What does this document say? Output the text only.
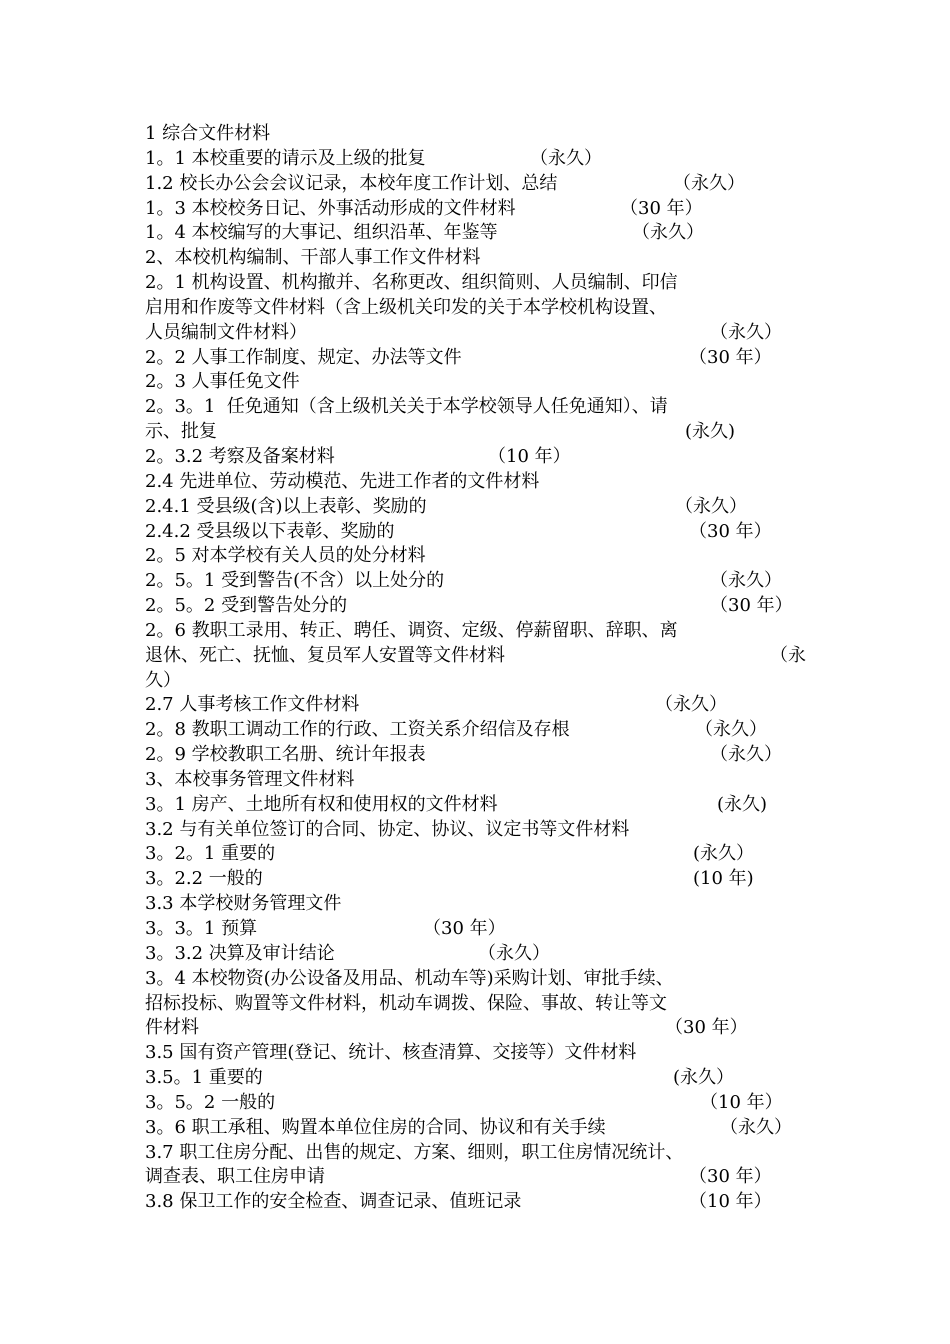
1 综合文件材料
1。1 本校重要的请示及上级的批复	（永久）
1.2 校长办公会会议记录，本校年度工作计划、总结	（永久）
1。3 本校校务日记、外事活动形成的文件材料	（30 年）
1。4 本校编写的大事记、组织沿革、年鉴等	（永久）
2、本校机构编制、干部人事工作文件材料
2。1 机构设置、机构撤并、名称更改、组织简则、人员编制、印信
启用和作废等文件材料（含上级机关印发的关于本学校机构设置、
人员编制文件材料）	（永久）
2。2 人事工作制度、规定、办法等文件	（30 年）
2。3 人事任免文件
2。3。1  任免通知（含上级机关关于本学校领导人任免通知）、请
示、批复	(永久)
2。3.2 考察及备案材料	（10 年）
2.4 先进单位、劳动模范、先进工作者的文件材料
2.4.1 受县级(含)以上表彰、奖励的	（永久）
2.4.2 受县级以下表彰、奖励的	（30 年）
2。5 对本学校有关人员的处分材料
2。5。1 受到警告(不含）以上处分的	（永久）
2。5。2 受到警告处分的	（30 年）
2。6 教职工录用、转正、聘任、调资、定级、停薪留职、辞职、离
退休、死亡、抚恤、复员军人安置等文件材料	（永
久）
2.7 人事考核工作文件材料	（永久）
2。8 教职工调动工作的行政、工资关系介绍信及存根	（永久）
2。9 学校教职工名册、统计年报表	（永久）
3、本校事务管理文件材料
3。1 房产、土地所有权和使用权的文件材料	(永久)
3.2 与有关单位签订的合同、协定、协议、议定书等文件材料
3。2。1 重要的	(永久）
3。2.2 一般的	(10 年)
3.3 本学校财务管理文件
3。3。1 预算	（30 年）
3。3.2 决算及审计结论	（永久）
3。4 本校物资(办公设备及用品、机动车等)采购计划、审批手续、
招标投标、购置等文件材料，机动车调拨、保险、事故、转让等文
件材料	（30 年）
3.5 国有资产管理(登记、统计、核查清算、交接等）文件材料
3.5。1 重要的	(永久）
3。5。2 一般的	（10 年）
3。6 职工承租、购置本单位住房的合同、协议和有关手续	（永久）
3.7 职工住房分配、出售的规定、方案、细则，职工住房情况统计、
调查表、职工住房申请	（30 年）
3.8 保卫工作的安全检查、调查记录、值班记录	（10 年）
